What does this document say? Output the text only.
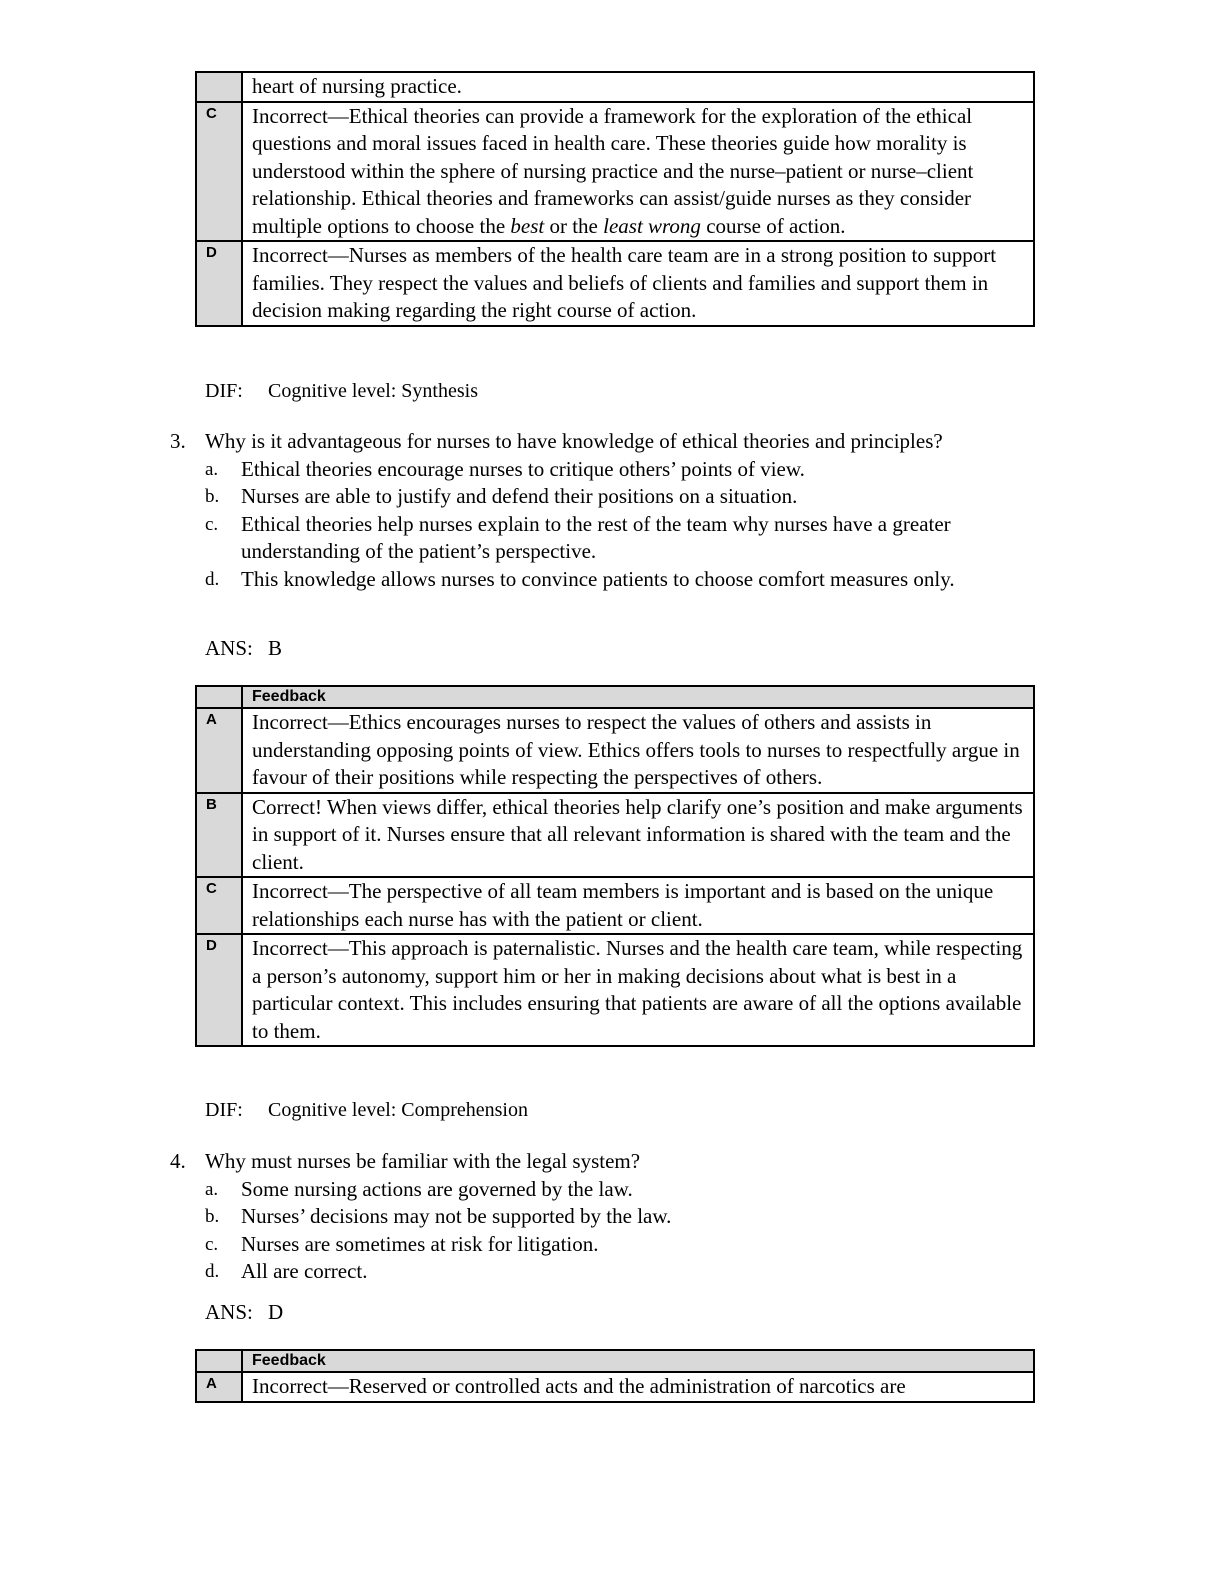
	heart of nursing practice.
C	Incorrect—Ethical theories can provide a framework for the exploration of the ethical questions and moral issues faced in health care. These theories guide how morality is understood within the sphere of nursing practice and the nurse–patient or nurse–client relationship. Ethical theories and frameworks can assist/guide nurses as they consider multiple options to choose the best or the least wrong course of action.
D	Incorrect—Nurses as members of the health care team are in a strong position to support families. They respect the values and beliefs of clients and families and support them in decision making regarding the right course of action.
DIF: Cognitive level: Synthesis
3. Why is it advantageous for nurses to have knowledge of ethical theories and principles?
a. Ethical theories encourage nurses to critique others’ points of view.
b. Nurses are able to justify and defend their positions on a situation.
c. Ethical theories help nurses explain to the rest of the team why nurses have a greater understanding of the patient’s perspective.
d. This knowledge allows nurses to convince patients to choose comfort measures only.
ANS: B
	Feedback
A	Incorrect—Ethics encourages nurses to respect the values of others and assists in understanding opposing points of view. Ethics offers tools to nurses to respectfully argue in favour of their positions while respecting the perspectives of others.
B	Correct! When views differ, ethical theories help clarify one’s position and make arguments in support of it. Nurses ensure that all relevant information is shared with the team and the client.
C	Incorrect—The perspective of all team members is important and is based on the unique relationships each nurse has with the patient or client.
D	Incorrect—This approach is paternalistic. Nurses and the health care team, while respecting a person’s autonomy, support him or her in making decisions about what is best in a particular context. This includes ensuring that patients are aware of all the options available to them.
DIF: Cognitive level: Comprehension
4. Why must nurses be familiar with the legal system?
a. Some nursing actions are governed by the law.
b. Nurses’ decisions may not be supported by the law.
c. Nurses are sometimes at risk for litigation.
d. All are correct.
ANS: D
	Feedback
A	Incorrect—Reserved or controlled acts and the administration of narcotics are
